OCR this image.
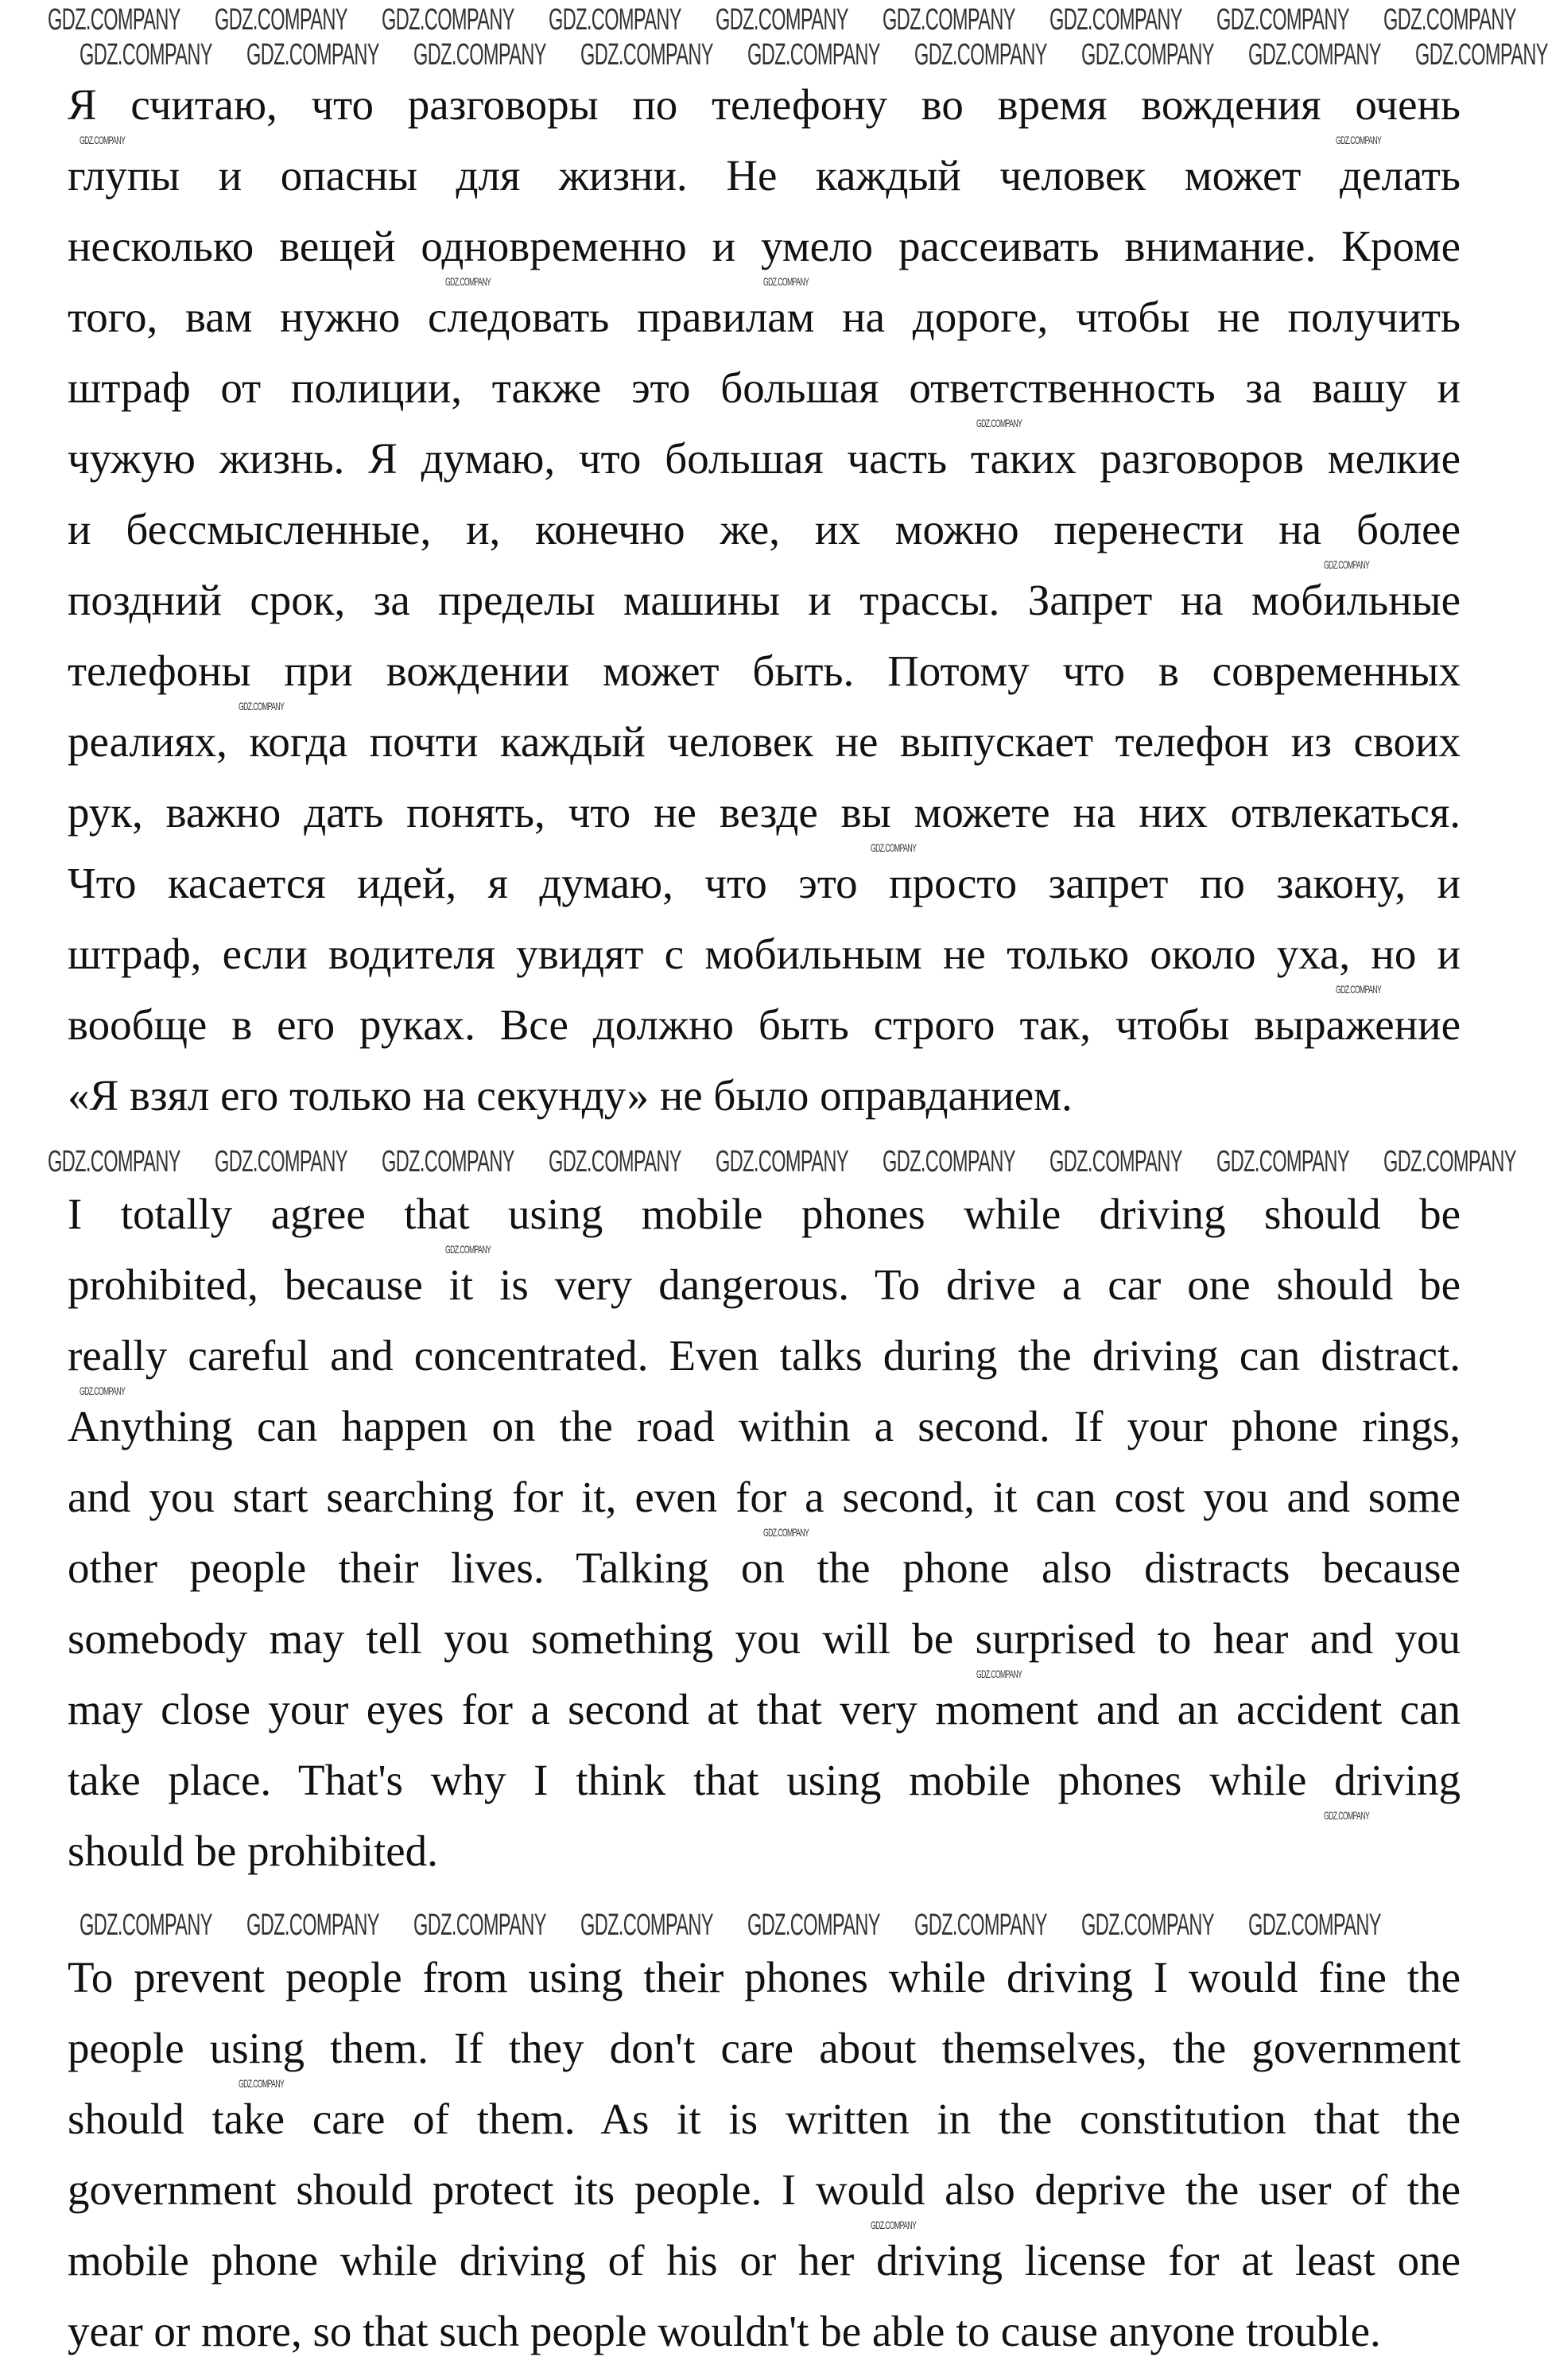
Я считаю, что разговоры по телефону во время вождения очень
глупы и опасны для жизни. Не каждый человек может делать
несколько вещей одновременно и умело рассеивать внимание. Кроме
того, вам нужно следовать правилам на дороге, чтобы не получить
штраф от полиции, также это большая ответственность за вашу и
чужую жизнь. Я думаю, что большая часть таких разговоров мелкие
и бессмысленные, и, конечно же, их можно перенести на более
поздний срок, за пределы машины и трассы. Запрет на мобильные
телефоны при вождении может быть. Потому что в современных
реалиях, когда почти каждый человек не выпускает телефон из своих
рук, важно дать понять, что не везде вы можете на них отвлекаться.
Что касается идей, я думаю, что это просто запрет по закону, и
штраф, если водителя увидят с мобильным не только около уха, но и
вообще в его руках. Все должно быть строго так, чтобы выражение
«Я взял его только на секунду» не было оправданием.
I totally agree that using mobile phones while driving should be
prohibited, because it is very dangerous. To drive a car one should be
really careful and concentrated. Even talks during the driving can distract.
Anything can happen on the road within a second. If your phone rings,
and you start searching for it, even for a second, it can cost you and some
other people their lives. Talking on the phone also distracts because
somebody may tell you something you will be surprised to hear and you
may close your eyes for a second at that very moment and an accident can
take place. That's why I think that using mobile phones while driving
should be prohibited.
To prevent people from using their phones while driving I would fine the
people using them. If they don't care about themselves, the government
should take care of them. As it is written in the constitution that the
government should protect its people. I would also deprive the user of the
mobile phone while driving of his or her driving license for at least one
year or more, so that such people wouldn't be able to cause anyone trouble.
GDZ.COMPANY GDZ.COMPANY GDZ.COMPANY GDZ.COMPANY GDZ.COMPANY GDZ.COMPANY GDZ.COMPANY GDZ.COMPANY GDZ.COMPANY
GDZ.COMPANY GDZ.COMPANY GDZ.COMPANY GDZ.COMPANY GDZ.COMPANY GDZ.COMPANY GDZ.COMPANY GDZ.COMPANY GDZ.COMPANY
GDZ.COMPANY GDZ.COMPANY GDZ.COMPANY GDZ.COMPANY GDZ.COMPANY GDZ.COMPANY GDZ.COMPANY GDZ.COMPANY GDZ.COMPANY
GDZ.COMPANY GDZ.COMPANY GDZ.COMPANY GDZ.COMPANY GDZ.COMPANY GDZ.COMPANY GDZ.COMPANY GDZ.COMPANY
GDZ.COMPANY
GDZ.COMPANY
GDZ.COMPANY
GDZ.COMPANY
GDZ.COMPANY
GDZ.COMPANY
GDZ.COMPANY
GDZ.COMPANY
GDZ.COMPANY
GDZ.COMPANY
GDZ.COMPANY
GDZ.COMPANY
GDZ.COMPANY
GDZ.COMPANY
GDZ.COMPANY
GDZ.COMPANY
